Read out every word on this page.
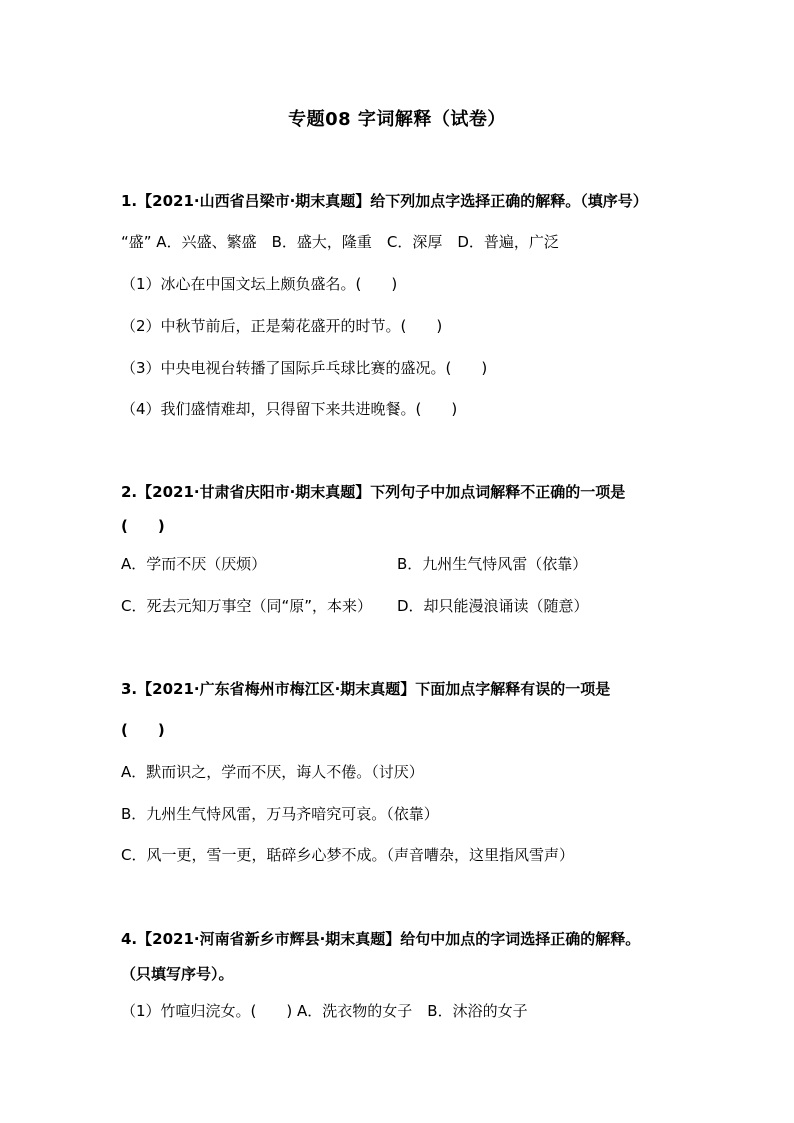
专题08 字词解释（试卷）
1.【2021·山西省吕梁市·期末真题】给下列加点字选择正确的解释。（填序号）
“盛” A．兴盛、繁盛　B．盛大，隆重　C．深厚　D．普遍，广泛
（1）冰心在中国文坛上颇负盛名。(　　)
（2）中秋节前后，正是菊花盛开的时节。(　　)
（3）中央电视台转播了国际乒乓球比赛的盛况。(　　)
（4）我们盛情难却，只得留下来共进晚餐。(　　)
2.【2021·甘肃省庆阳市·期末真题】下列句子中加点词解释不正确的一项是
(　　)
A．学而不厌（厌烦）	B．九州生气恃风雷（依靠）
C．死去元知万事空（同“原”，本来） D．却只能漫浪诵读（随意）
3.【2021·广东省梅州市梅江区·期末真题】下面加点字解释有误的一项是
(　　)
A．默而识之，学而不厌，诲人不倦。（讨厌）
B．九州生气恃风雷，万马齐喑究可哀。（依靠）
C．风一更，雪一更，聒碎乡心梦不成。（声音嘈杂，这里指风雪声）
4.【2021·河南省新乡市辉县·期末真题】给句中加点的字词选择正确的解释。
（只填写序号）。
（1）竹喧归浣女。(　　) A．洗衣物的女子　B．沐浴的女子
